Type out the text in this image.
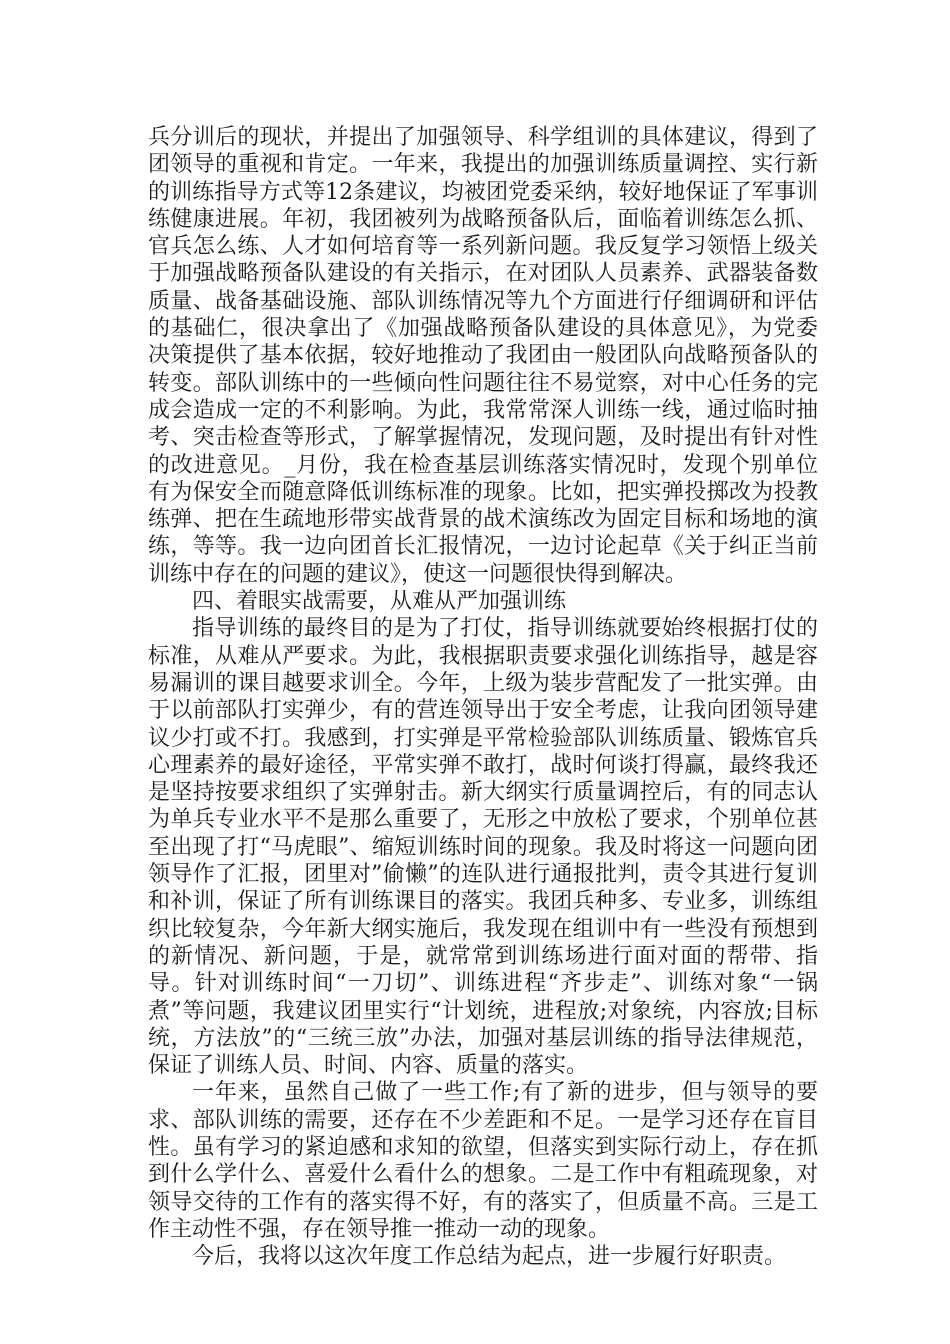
兵分训后的现状，并提出了加强领导、科学组训的具体建议，得到了团领导的重视和肯定。一年来，我提出的加强训练质量调控、实行新的训练指导方式等12条建议，均被团党委采纳，较好地保证了军事训练健康进展。年初，我团被列为战略预备队后，面临着训练怎么抓、官兵怎么练、人才如何培育等一系列新问题。我反复学习领悟上级关于加强战略预备队建设的有关指示，在对团队人员素养、武器装备数质量、战备基础设施、部队训练情况等九个方面进行仔细调研和评估的基础仁，很决拿出了《加强战略预备队建设的具体意见》，为党委决策提供了基本依据，较好地推动了我团由一般团队向战略预备队的转变。部队训练中的一些倾向性问题往往不易觉察，对中心任务的完成会造成一定的不利影响。为此，我常常深人训练一线，通过临时抽考、突击检查等形式，了解掌握情况，发现问题，及时提出有针对性的改进意见。_月份，我在检查基层训练落实情况时，发现个别单位有为保安全而随意降低训练标准的现象。比如，把实弹投掷改为投教练弹、把在生疏地形带实战背景的战术演练改为固定目标和场地的演练，等等。我一边向团首长汇报情况，一边讨论起草《关于纠正当前训练中存在的问题的建议》，使这一问题很快得到解决。

四、着眼实战需要，从难从严加强训练

指导训练的最终目的是为了打仗，指导训练就要始终根据打仗的标准，从难从严要求。为此，我根据职责要求强化训练指导，越是容易漏训的课目越要求训全。今年，上级为装步营配发了一批实弹。由于以前部队打实弹少，有的营连领导出于安全考虑，让我向团领导建议少打或不打。我感到，打实弹是平常检验部队训练质量、锻炼官兵心理素养的最好途径，平常实弹不敢打，战时何谈打得赢，最终我还是坚持按要求组织了实弹射击。新大纲实行质量调控后，有的同志认为单兵专业水平不是那么重要了，无形之中放松了要求，个别单位甚至出现了打“马虎眼”、缩短训练时间的现象。我及时将这一问题向团领导作了汇报，团里对”偷懒”的连队进行通报批判，责令其进行复训和补训，保证了所有训练课目的落实。我团兵种多、专业多，训练组织比较复杂，今年新大纲实施后，我发现在组训中有一些没有预想到的新情况、新问题，于是，就常常到训练场进行面对面的帮带、指导。针对训练时间“一刀切”、训练进程“齐步走”、训练对象“一锅煮”等问题，我建议团里实行“计划统，进程放;对象统，内容放;目标统，方法放”的“三统三放”办法，加强对基层训练的指导法律规范，保证了训练人员、时间、内容、质量的落实。

一年来，虽然自己做了一些工作;有了新的进步，但与领导的要求、部队训练的需要，还存在不少差距和不足。一是学习还存在盲目性。虽有学习的紧迫感和求知的欲望，但落实到实际行动上，存在抓到什么学什么、喜爱什么看什么的想象。二是工作中有粗疏现象，对领导交待的工作有的落实得不好，有的落实了，但质量不高。三是工作主动性不强，存在领导推一推动一动的现象。

今后，我将以这次年度工作总结为起点，进一步履行好职责。
